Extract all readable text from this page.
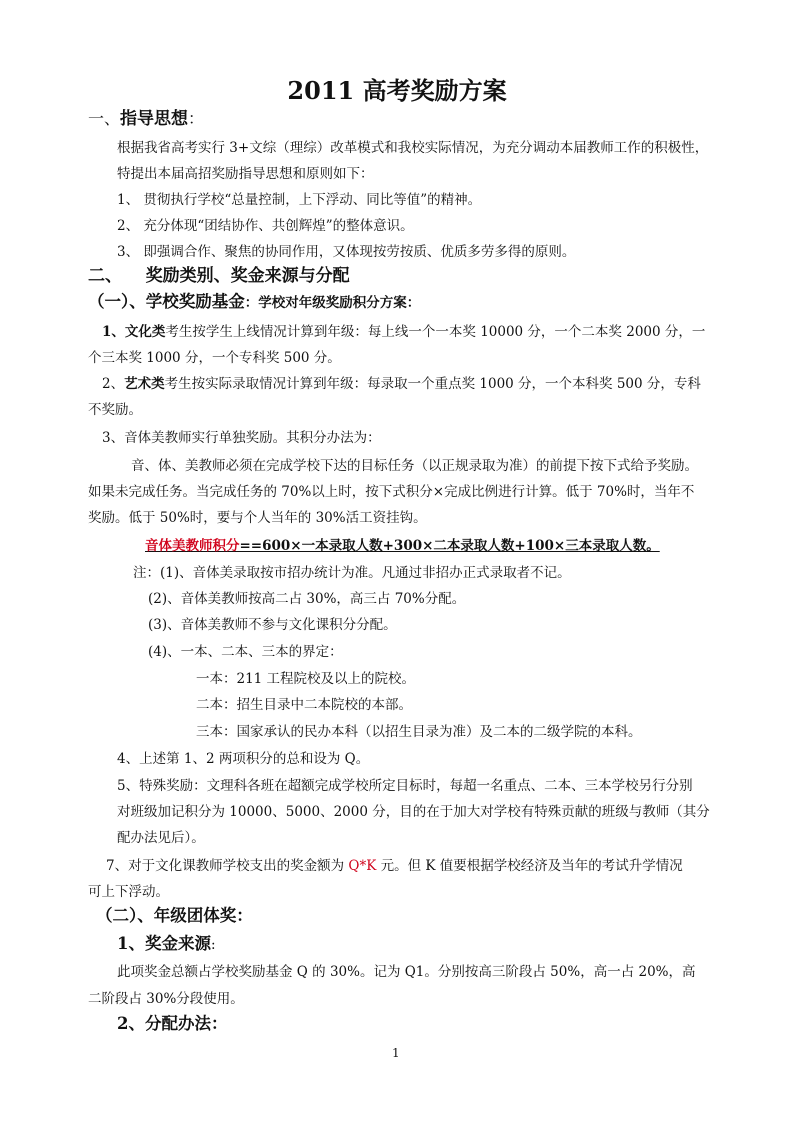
2011 高考奖励方案
一、指导思想：
根据我省高考实行 3+文综（理综）改革模式和我校实际情况，为充分调动本届教师工作的积极性，
特提出本届高招奖励指导思想和原则如下：
1、 贯彻执行学校“总量控制，上下浮动、同比等值”的精神。
2、 充分体现“团结协作、共创辉煌”的整体意识。
3、 即强调合作、聚焦的协同作用，又体现按劳按质、优质多劳多得的原则。
二、    奖励类别、奖金来源与分配
（一）、学校奖励基金：学校对年级奖励积分方案：
1、文化类考生按学生上线情况计算到年级：每上线一个一本奖 10000 分，一个二本奖 2000 分，一
个三本奖 1000 分，一个专科奖 500 分。
2、艺术类考生按实际录取情况计算到年级：每录取一个重点奖 1000 分，一个本科奖 500 分，专科
不奖励。
3、音体美教师实行单独奖励。其积分办法为：
音、体、美教师必须在完成学校下达的目标任务（以正规录取为准）的前提下按下式给予奖励。
如果未完成任务。当完成任务的 70%以上时，按下式积分×完成比例进行计算。低于 70%时，当年不
奖励。低于 50%时，要与个人当年的 30%活工资挂钩。
音体美教师积分==600×一本录取人数+300×二本录取人数+100×三本录取人数。
注：(1)、音体美录取按市招办统计为准。凡通过非招办正式录取者不记。
(2)、音体美教师按高二占 30%，高三占 70%分配。
(3)、音体美教师不参与文化课积分分配。
(4)、一本、二本、三本的界定：
一本：211 工程院校及以上的院校。
二本：招生目录中二本院校的本部。
三本：国家承认的民办本科（以招生目录为准）及二本的二级学院的本科。
4、上述第 1、2 两项积分的总和设为 Q。
5、特殊奖励：文理科各班在超额完成学校所定目标时，每超一名重点、二本、三本学校另行分别
对班级加记积分为 10000、5000、2000 分，目的在于加大对学校有特殊贡献的班级与教师（其分
配办法见后）。
7、对于文化课教师学校支出的奖金额为 Q*K 元。但 K 值要根据学校经济及当年的考试升学情况
可上下浮动。
（二）、年级团体奖：
1、奖金来源:
此项奖金总额占学校奖励基金 Q 的 30%。记为 Q1。分别按高三阶段占 50%，高一占 20%，高
二阶段占 30%分段使用。
2、分配办法：
1
